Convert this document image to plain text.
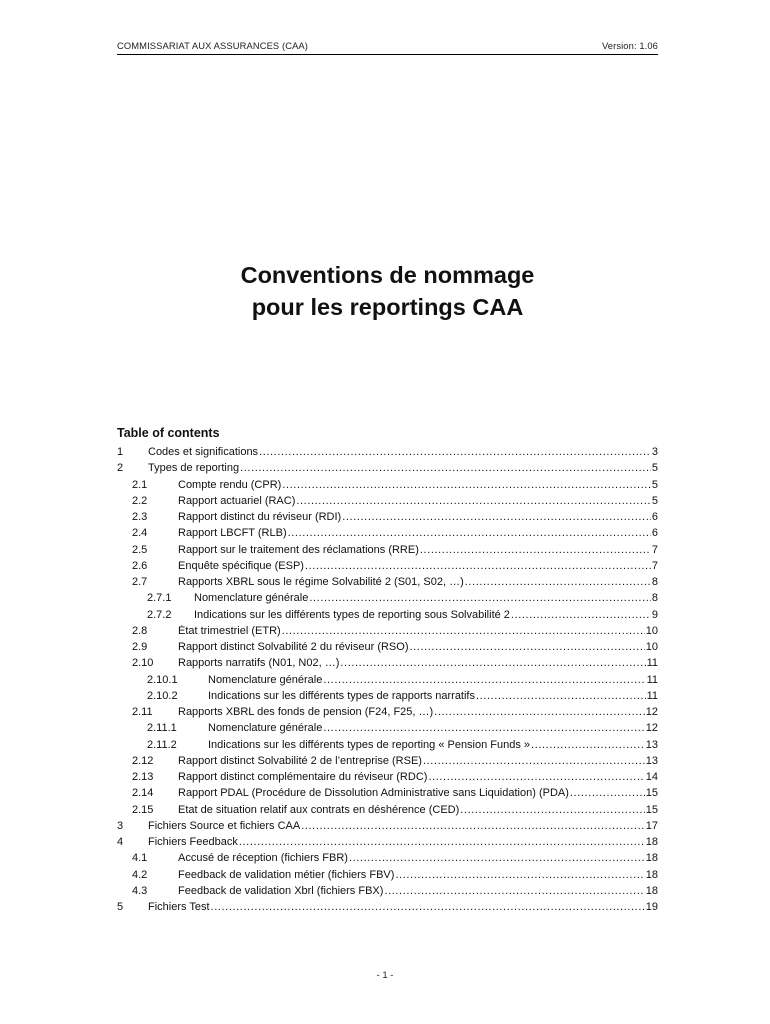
COMMISSARIAT AUX ASSURANCES (CAA)	Version: 1.06
Conventions de nommage
pour les reportings CAA
Table of contents
1	Codes et significations .....	3
2	Types de reporting .....	5
2.1	Compte rendu (CPR) .....	5
2.2	Rapport actuariel (RAC) .....	5
2.3	Rapport distinct du réviseur (RDI) .....	6
2.4	Rapport LBCFT (RLB) .....	6
2.5	Rapport sur le traitement des réclamations (RRE) .....	7
2.6	Enquête spécifique (ESP) .....	7
2.7	Rapports XBRL sous le régime Solvabilité 2 (S01, S02, …) .....	8
2.7.1	Nomenclature générale .....	8
2.7.2	Indications sur les différents types de reporting sous Solvabilité 2 .....	9
2.8	État trimestriel (ETR) .....	10
2.9	Rapport distinct Solvabilité 2 du réviseur (RSO) .....	10
2.10	Rapports narratifs (N01, N02, …) .....	11
2.10.1	Nomenclature générale .....	11
2.10.2	Indications sur les différents types de rapports narratifs .....	11
2.11	Rapports XBRL des fonds de pension (F24, F25, …) .....	12
2.11.1	Nomenclature générale .....	12
2.11.2	Indications sur les différents types de reporting « Pension Funds » .....	13
2.12	Rapport distinct Solvabilité 2 de l’entreprise (RSE) .....	13
2.13	Rapport distinct complémentaire du réviseur (RDC) .....	14
2.14	Rapport PDAL (Procédure de Dissolution Administrative sans Liquidation) (PDA) .....	15
2.15	Etat de situation relatif aux contrats en déshérence (CED) .....	15
3	Fichiers Source et fichiers CAA .....	17
4	Fichiers Feedback .....	18
4.1	Accusé de réception (fichiers FBR) .....	18
4.2	Feedback de validation métier (fichiers FBV) .....	18
4.3	Feedback de validation Xbrl (fichiers FBX) .....	18
5	Fichiers Test .....	19
- 1 -
